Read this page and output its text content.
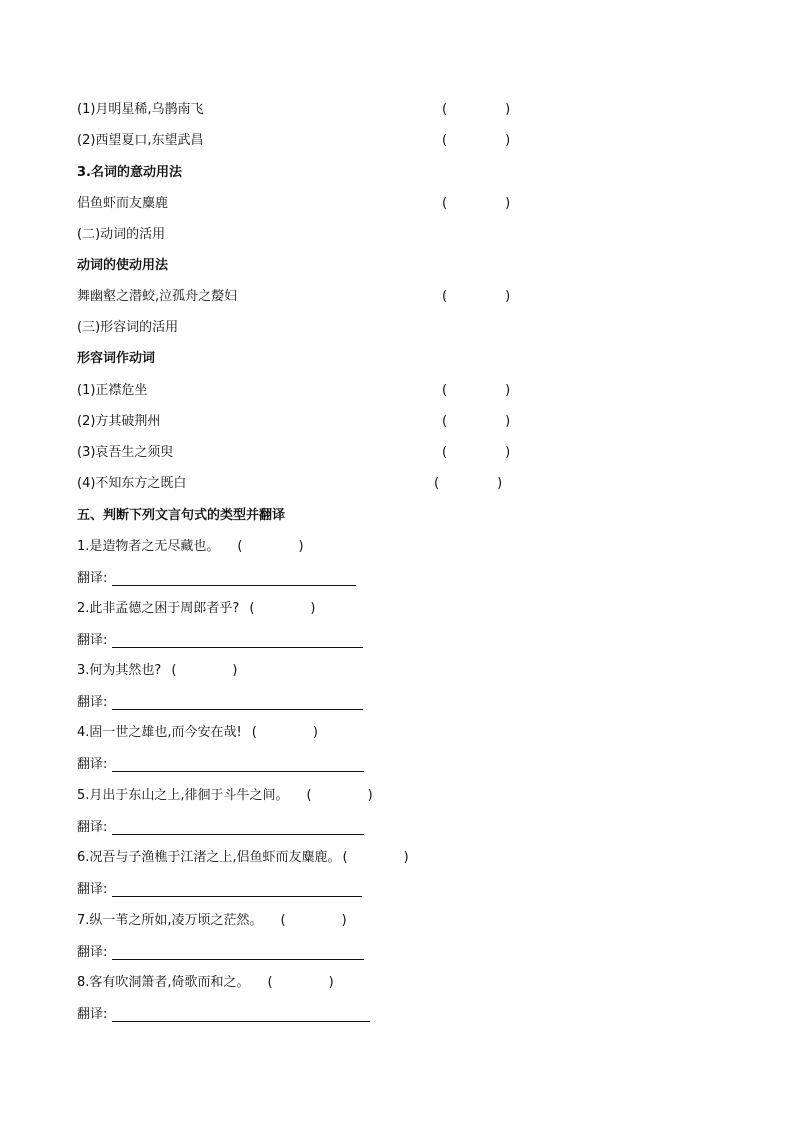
(1)月明星稀,乌鹊南飞	(	)
(2)西望夏口,东望武昌	(	)
3.名词的意动用法
侣鱼虾而友麋鹿	(	)
(二)动词的活用
动词的使动用法
舞幽壑之潜蛟,泣孤舟之嫠妇	(	)
(三)形容词的活用
形容词作动词
(1)正襟危坐	(	)
(2)方其破荆州	(	)
(3)哀吾生之须臾	(	)
(4)不知东方之既白	(	)
五、判断下列文言句式的类型并翻译
1.是造物者之无尽藏也。 (	)
翻译:
2.此非孟德之困于周郎者乎? (	)
翻译:
3.何为其然也? (	)
翻译:
4.固一世之雄也,而今安在哉! (	)
翻译:
5.月出于东山之上,徘徊于斗牛之间。 (	)
翻译:
6.况吾与子渔樵于江渚之上,侣鱼虾而友麋鹿。 (	)
翻译:
7.纵一苇之所如,凌万顷之茫然。 (	)
翻译:
8.客有吹洞箫者,倚歌而和之。 (	)
翻译:
